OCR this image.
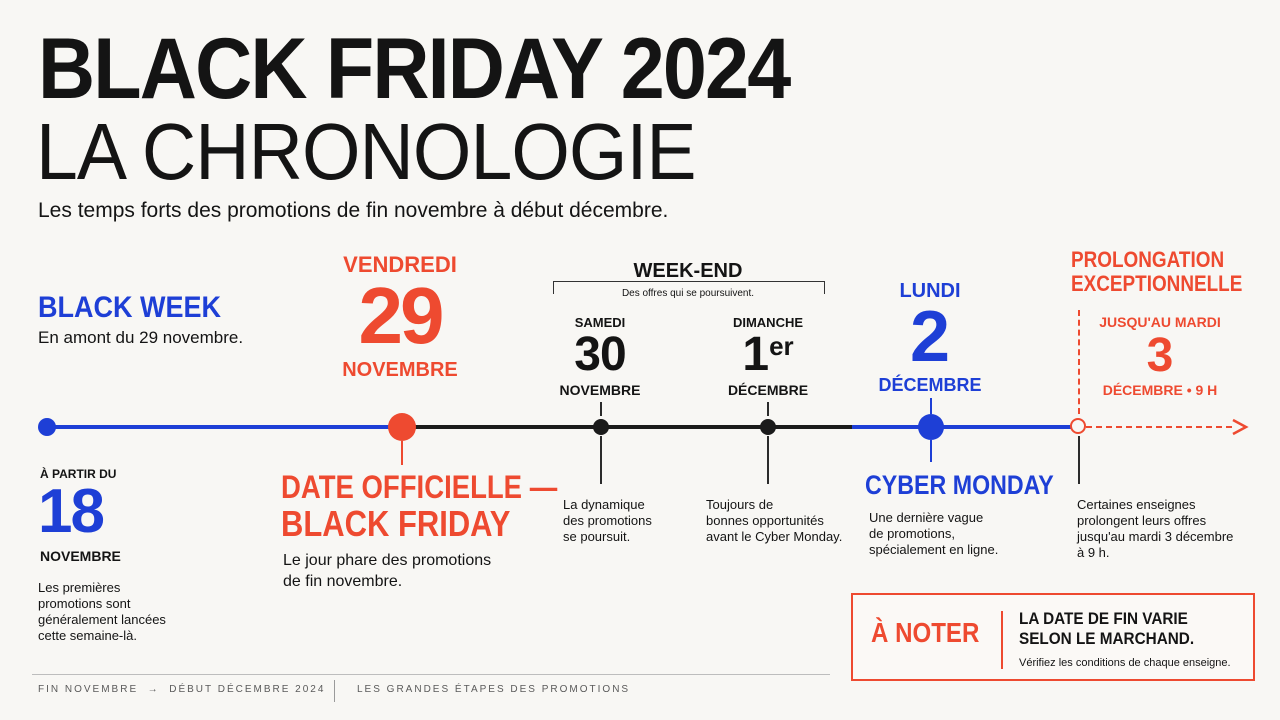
BLACK FRIDAY 2024
LA CHRONOLOGIE
Les temps forts des promotions de fin novembre à début décembre.
BLACK WEEK
En amont du 29 novembre.
À PARTIR DU
18
NOVEMBRE
Les premières
promotions sont
généralement lancées
cette semaine-là.
VENDREDI
29
NOVEMBRE
DATE OFFICIELLE —
BLACK FRIDAY
Le jour phare des promotions
de fin novembre.
WEEK-END
Des offres qui se poursuivent.
SAMEDI
30
NOVEMBRE
La dynamique
des promotions
se poursuit.
DIMANCHE
1er
DÉCEMBRE
Toujours de
bonnes opportunités
avant le Cyber Monday.
LUNDI
2
DÉCEMBRE
CYBER MONDAY
Une dernière vague
de promotions,
spécialement en ligne.
PROLONGATION
EXCEPTIONNELLE
JUSQU'AU MARDI
3
DÉCEMBRE • 9 H
Certaines enseignes
prolongent leurs offres
jusqu'au mardi 3 décembre
à 9 h.
À NOTER	LA DATE DE FIN VARIE
SELON LE MARCHAND.
Vérifiez les conditions de chaque enseigne.
FIN NOVEMBRE  →  DÉBUT DÉCEMBRE 2024	LES GRANDES ÉTAPES DES PROMOTIONS
